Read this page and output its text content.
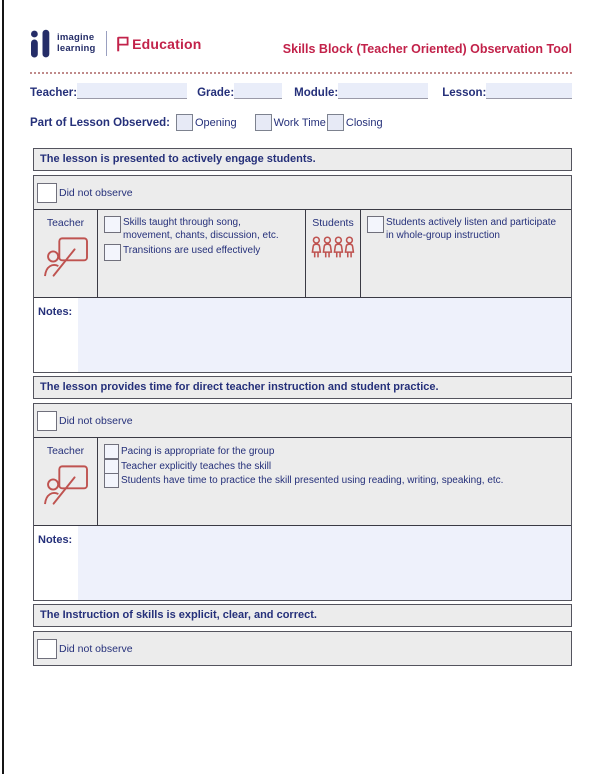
imagine
learning	Education	Skills Block (Teacher Oriented) Observation Tool
Teacher:	Grade:	Module:	Lesson:
Part of Lesson Observed: Opening	Work Time Closing
The lesson is presented to actively engage students.
Did not observe
Teacher	Skills taught through song, movement, chants, discussion, etc.
Transitions are used effectively
Students	Students actively listen and participate in whole-group instruction
Notes:
The lesson provides time for direct teacher instruction and student practice.
Did not observe
Teacher	Pacing is appropriate for the group
Teacher explicitly teaches the skill
Students have time to practice the skill presented using reading, writing, speaking, etc.
Notes:
The Instruction of skills is explicit, clear, and correct.
Did not observe
